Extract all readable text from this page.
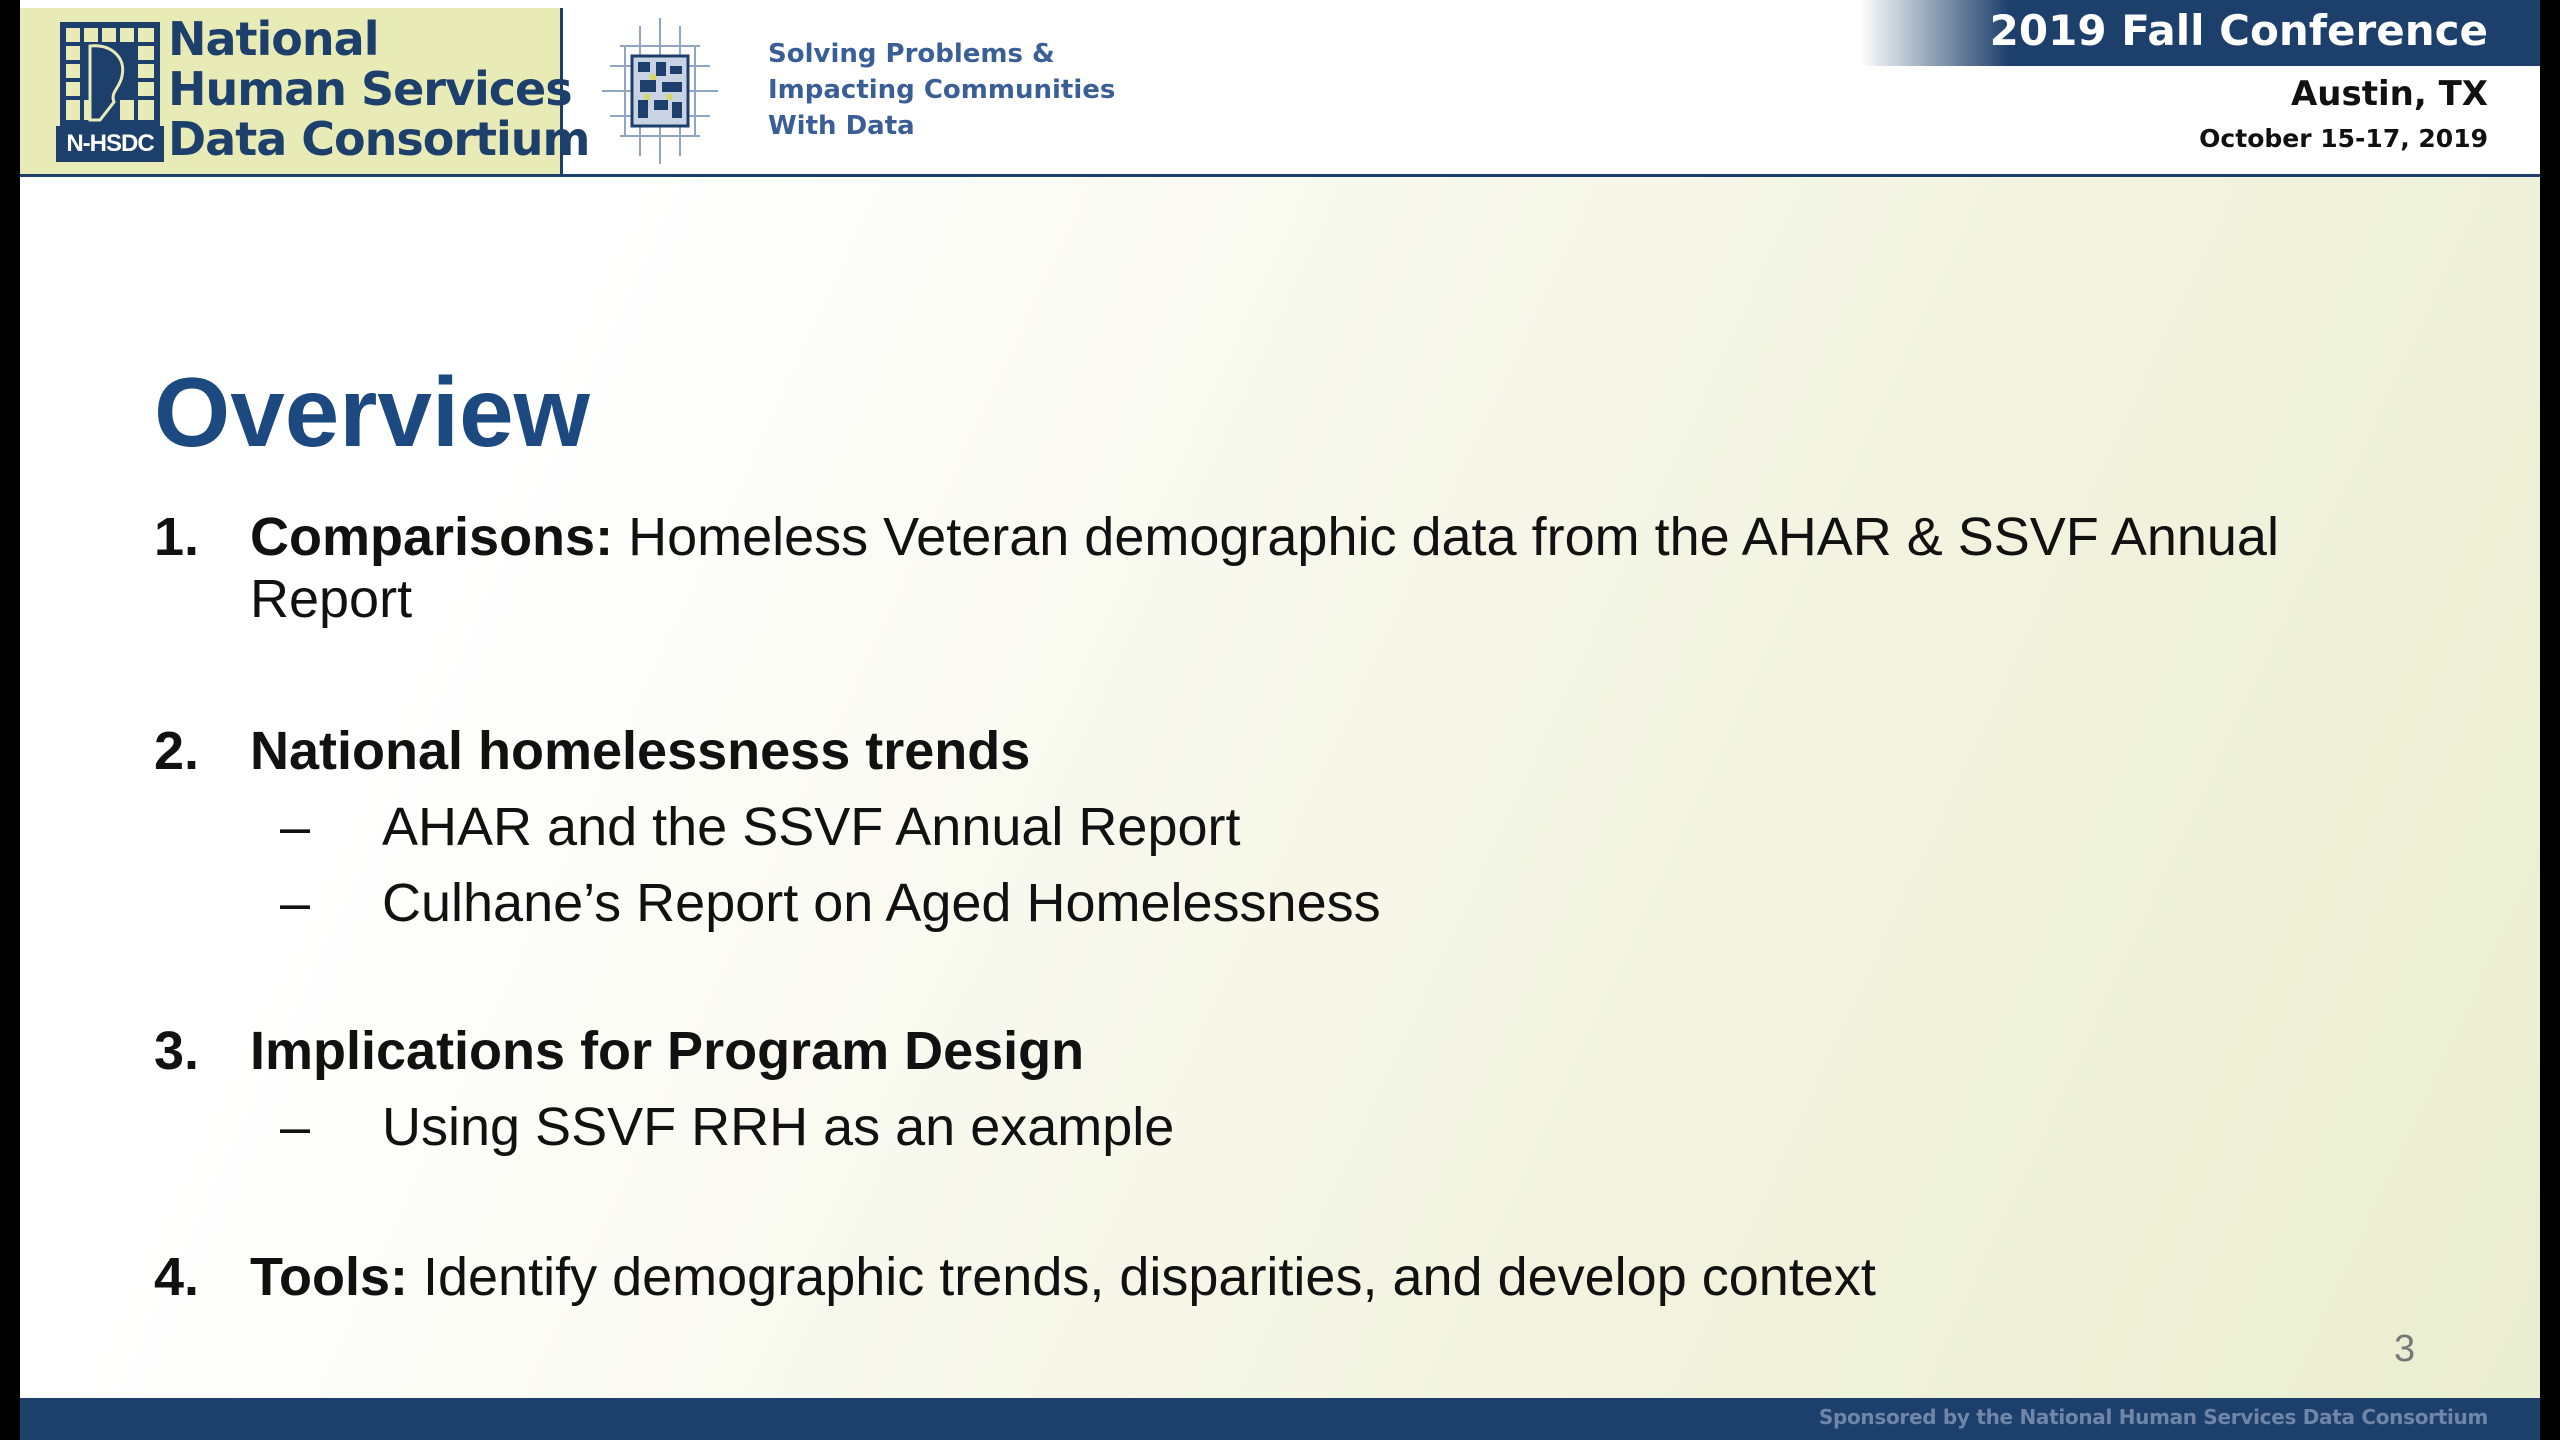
N-HSDC
National
Human Services
Data Consortium
Solving Problems &
Impacting Communities
With Data
2019 Fall Conference
Austin, TX
October 15-17, 2019
Overview
1. Comparisons: Homeless Veteran demographic data from the AHAR & SSVF Annual Report
2. National homelessness trends
– AHAR and the SSVF Annual Report
– Culhane’s Report on Aged Homelessness
3. Implications for Program Design
– Using SSVF RRH as an example
4. Tools: Identify demographic trends, disparities, and develop context
3
Sponsored by the National Human Services Data Consortium
